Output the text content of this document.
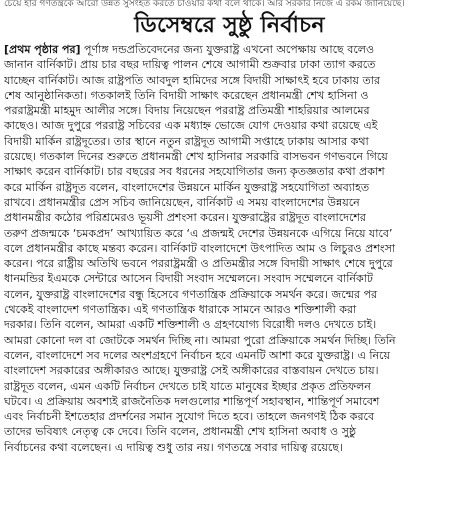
চেয়ে হার গণতন্ত্রকে আরো উন্নত সুসংহত করতে চাওয়ার কথা বলে থাকে। আর সরকার নিজে এ রকম জানিয়েছে।
ডিসেম্বরে সুষ্ঠু নির্বাচন
[প্রথম পৃষ্ঠার পর] পূর্ণাঙ্গ দন্ডপ্রতিবেদনের জন্য যুক্তরাষ্ট্র এখনো অপেক্ষায় আছে বলেও
জানান বার্নিকাট। প্রায় চার বছর দায়িত্ব পালন শেষে আগামী শুক্রবার ঢাকা ত্যাগ করতে
যাচ্ছেন বার্নিকাট। আজ রাষ্ট্রপতি আবদুল হামিদের সঙ্গে বিদায়ী সাক্ষাৎই হবে ঢাকায় তার
শেষ আনুষ্ঠানিকতা। গতকালই তিনি বিদায়ী সাক্ষাৎ করেছেন প্রধানমন্ত্রী শেখ হাসিনা ও
পররাষ্ট্রমন্ত্রী মাহমুদ আলীর সঙ্গে। বিদায় নিয়েছেন পররাষ্ট্র প্রতিমন্ত্রী শাহরিয়ার আলমের
কাছেও। আজ দুপুরে পররাষ্ট্র সচিবের এক মধ্যাহ্ন ভোজে যোগ দেওয়ার কথা রয়েছে এই
বিদায়ী মার্কিন রাষ্ট্রদূতের। তার স্থানে নতুন রাষ্ট্রদূত আগামী সপ্তাহে ঢাকায় আসার কথা
রয়েছে। গতকাল দিনের শুরুতে প্রধানমন্ত্রী শেখ হাসিনার সরকারি বাসভবন গণভবনে গিয়ে
সাক্ষাৎ করেন বার্নিকাট। চার বছরের সব ধরনের সহযোগিতার জন্য কৃতজ্ঞতার কথা প্রকাশ
করে মার্কিন রাষ্ট্রদূত বলেন, বাংলাদেশের উন্নয়নে মার্কিন যুক্তরাষ্ট্র সহযোগিতা অব্যাহত
রাখবে। প্রধানমন্ত্রীর প্রেস সচিব জানিয়েছেন, বার্নিকাট এ সময় বাংলাদেশের উন্নয়নে
প্রধানমন্ত্রীর কঠোর পরিশ্রমেরও ভূয়সী প্রশংসা করেন। যুক্তরাষ্ট্রের রাষ্ট্রদূত বাংলাদেশের
তরুণ প্রজন্মকে ‘চমকপ্রদ’ আখ্যায়িত করে ‘এ প্রজন্মই দেশের উন্নয়নকে এগিয়ে নিয়ে যাবে’
বলে প্রধানমন্ত্রীর কাছে মন্তব্য করেন। বার্নিকাট বাংলাদেশে উৎপাদিত আম ও লিচুরও প্রশংসা
করেন। পরে রাষ্ট্রীয় অতিথি ভবনে পররাষ্ট্রমন্ত্রী ও প্রতিমন্ত্রীর সঙ্গে বিদায়ী সাক্ষাৎ শেষে দুপুরে
ধানমন্ডির ইএমকে সেন্টারে আসেন বিদায়ী সংবাদ সম্মেলনে। সংবাদ সম্মেলনে বার্নিকাট
বলেন, যুক্তরাষ্ট্র বাংলাদেশের বন্ধু হিসেবে গণতান্ত্রিক প্রক্রিয়াকে সমর্থন করে। জন্মের পর
থেকেই বাংলাদেশ গণতান্ত্রিক। এই গণতান্ত্রিক ধারাকে সামনে আরও শক্তিশালী করা
দরকার। তিনি বলেন, আমরা একটি শক্তিশালী ও গ্রহণযোগ্য বিরোধী দলও দেখতে চাই।
আমরা কোনো দল বা জোটকে সমর্থন দিচ্ছি না। আমরা পুরো প্রক্রিয়াকে সমর্থন দিচ্ছি। তিনি
বলেন, বাংলাদেশে সব দলের অংশগ্রহণে নির্বাচন হবে এমনটি আশা করে যুক্তরাষ্ট্র। এ নিয়ে
বাংলাদেশ সরকারের অঙ্গীকারও আছে। যুক্তরাষ্ট্র সেই অঙ্গীকারের বাস্তবায়ন দেখতে চায়।
রাষ্ট্রদূত বলেন, এমন একটি নির্বাচন দেখতে চাই যাতে মানুষের ইচ্ছার প্রকৃত প্রতিফলন
ঘটবে। এ প্রক্রিয়ায় অবশ্যই রাজনৈতিক দলগুলোর শান্তিপূর্ণ সহাবস্থান, শান্তিপূর্ণ সমাবেশ
এবং নির্বাচনী ইশতেহার প্রদর্শনের সমান সুযোগ দিতে হবে। তাহলে জনগণই ঠিক করবে
তাদের ভবিষ্যৎ নেতৃত্ব কে দেবে। তিনি বলেন, প্রধানমন্ত্রী শেখ হাসিনা অবাধ ও সুষ্ঠু
নির্বাচনের কথা বলেছেন। এ দায়িত্ব শুধু তার নয়। গণতন্ত্রে সবার দায়িত্ব রয়েছে।
